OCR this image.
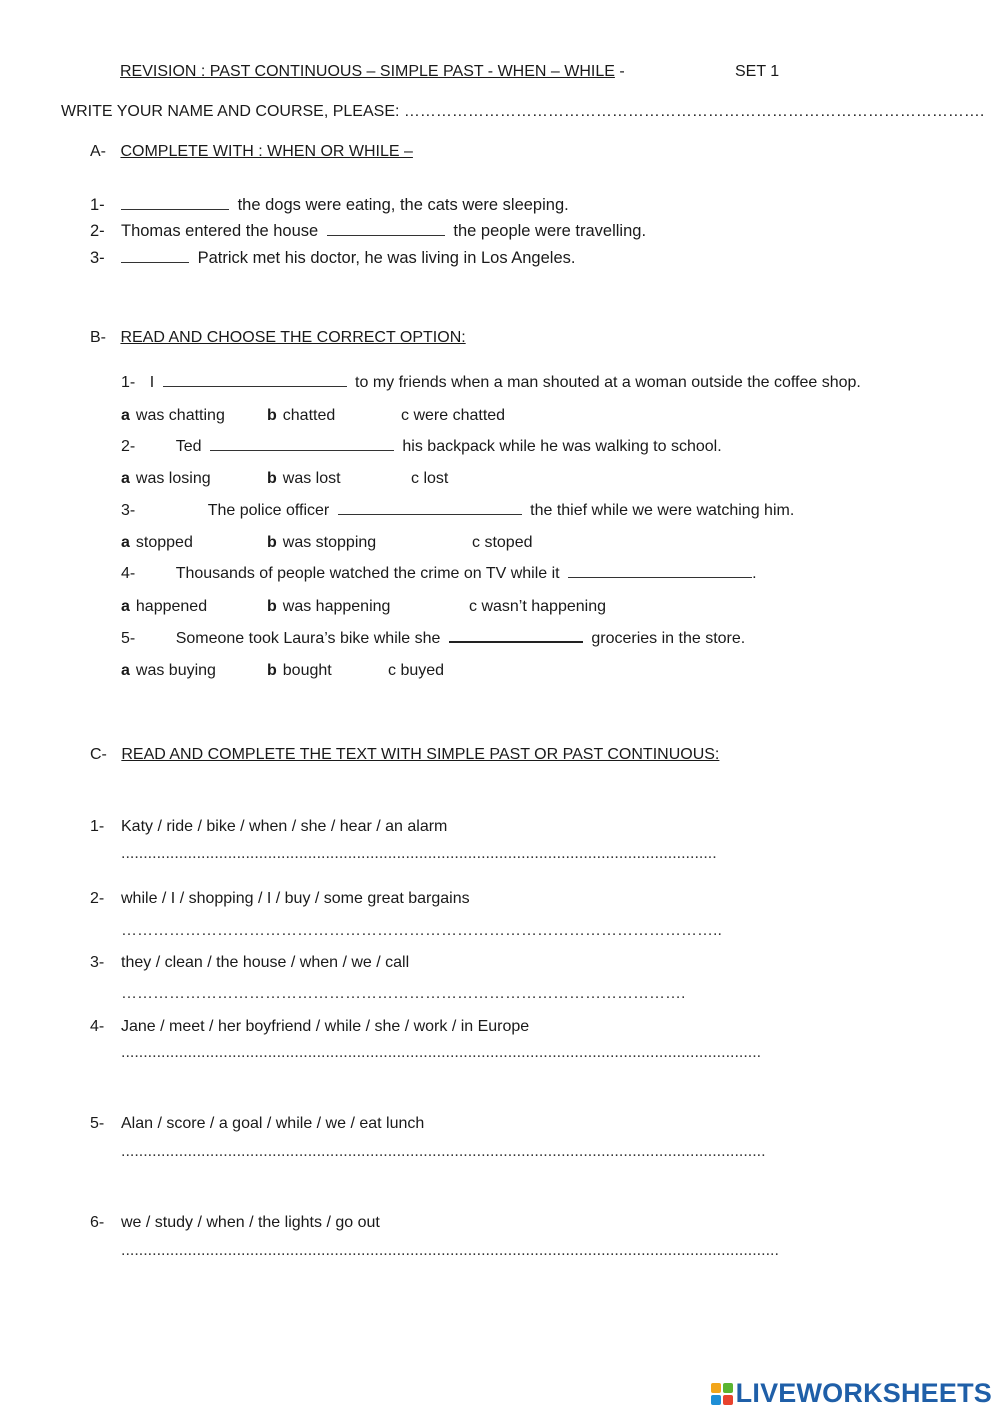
REVISION : PAST CONTINUOUS – SIMPLE PAST - WHEN – WHILE -	SET 1
WRITE YOUR NAME AND COURSE, PLEASE: ……………………………………………………………………………………………….
A- COMPLETE WITH : WHEN OR WHILE –
1-	the dogs were eating, the cats were sleeping.
2- Thomas entered the house	the people were travelling.
3-	Patrick met his doctor, he was living in Los Angeles.
B- READ AND CHOOSE THE CORRECT OPTION:
1- I	to my friends when a man shouted at a woman outside the coffee shop.
a was chatting	b chatted	c were chatted
2-	Ted	his backpack while he was walking to school.
a was losing	b was lost	c lost
3-	The police officer	the thief while we were watching him.
a stopped	b was stopping	c stoped
4-	Thousands of people watched the crime on TV while it	.
a happened	b was happening	c wasn’t happening
5-	Someone took Laura’s bike while she	groceries in the store.
a was buying	b bought	c buyed
C- READ AND COMPLETE THE TEXT WITH SIMPLE PAST OR PAST CONTINUOUS:
1- Katy / ride / bike / when / she / hear / an alarm
......................................................................................................................................
2- while / I / shopping / I / buy / some great bargains
…………………………………………………………………………………………………..
3- they / clean / the house / when / we / call
…………………………………………………………………………………………….
4- Jane / meet / her boyfriend / while / she / work / in Europe
................................................................................................................................................
5- Alan / score / a goal / while / we / eat lunch
.................................................................................................................................................
6- we / study / when / the lights / go out
....................................................................................................................................................
LIVEWORKSHEETS
